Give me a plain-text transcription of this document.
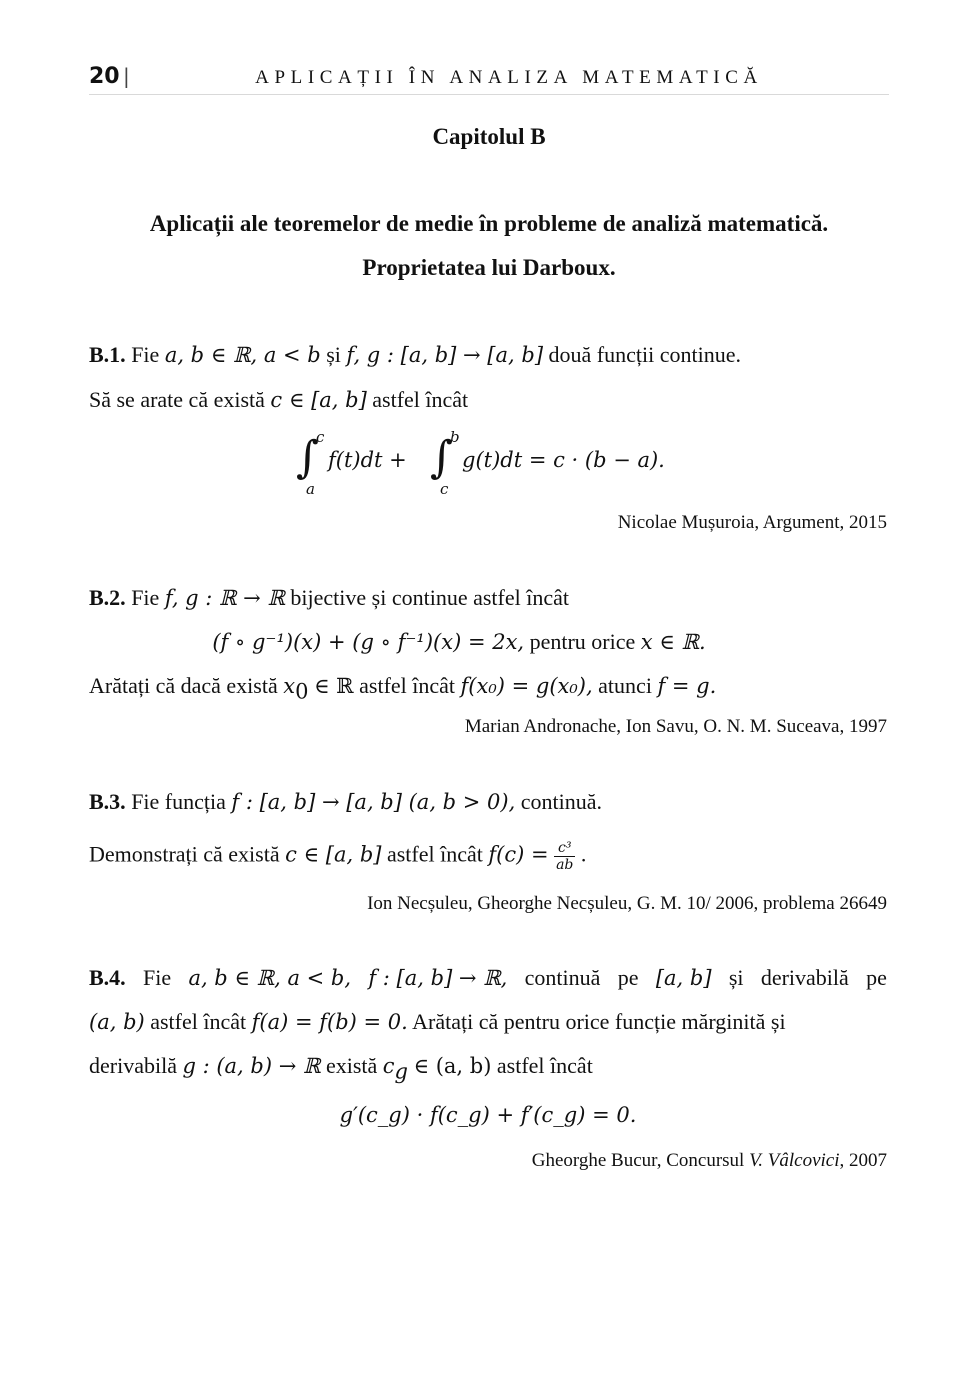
20 |	APLICAȚII ÎN ANALIZA MATEMATICĂ
Capitolul B
Aplicații ale teoremelor de medie în probleme de analiză matematică.
Proprietatea lui Darboux.
B.1. Fie a, b ∈ ℝ, a < b și f, g : [a, b] → [a, b] două funcții continue.
Să se arate că există c ∈ [a, b] astfel încât
∫
c
a
f(t)dt + ∫
b
c
g(t)dt = c · (b − a).
Nicolae Mușuroia, Argument, 2015
B.2. Fie f, g : ℝ → ℝ bijective și continue astfel încât
(f ∘ g⁻¹)(x) + (g ∘ f⁻¹)(x) = 2x, pentru orice x ∈ ℝ.
Arătați că dacă există $x_0$ ∈ ℝ astfel încât f(x₀) = g(x₀), atunci f = g.
Marian Andronache, Ion Savu, O. N. M. Suceava, 1997
B.3. Fie funcția f : [a, b] → [a, b] (a, b > 0), continuă.
Demonstrați că există c ∈ [a, b] astfel încât $f(c) = \frac{\text{c³}}{ab}$ .
Ion Necșuleu, Gheorghe Necșuleu, G. M. 10/ 2006, problema 26649
B.4. Fie a, b ∈ ℝ, a < b, f : [a, b] → ℝ, continuă pe [a, b] și derivabilă pe
(a, b) astfel încât f(a) = f(b) = 0. Arătați că pentru orice funcție mărginită și
derivabilă g : (a, b) → ℝ există $c_g$ ∈ (a, b) astfel încât
g′(c_g) · f(c_g) + f′(c_g) = 0.
Gheorghe Bucur, Concursul V. Vâlcovici, 2007
